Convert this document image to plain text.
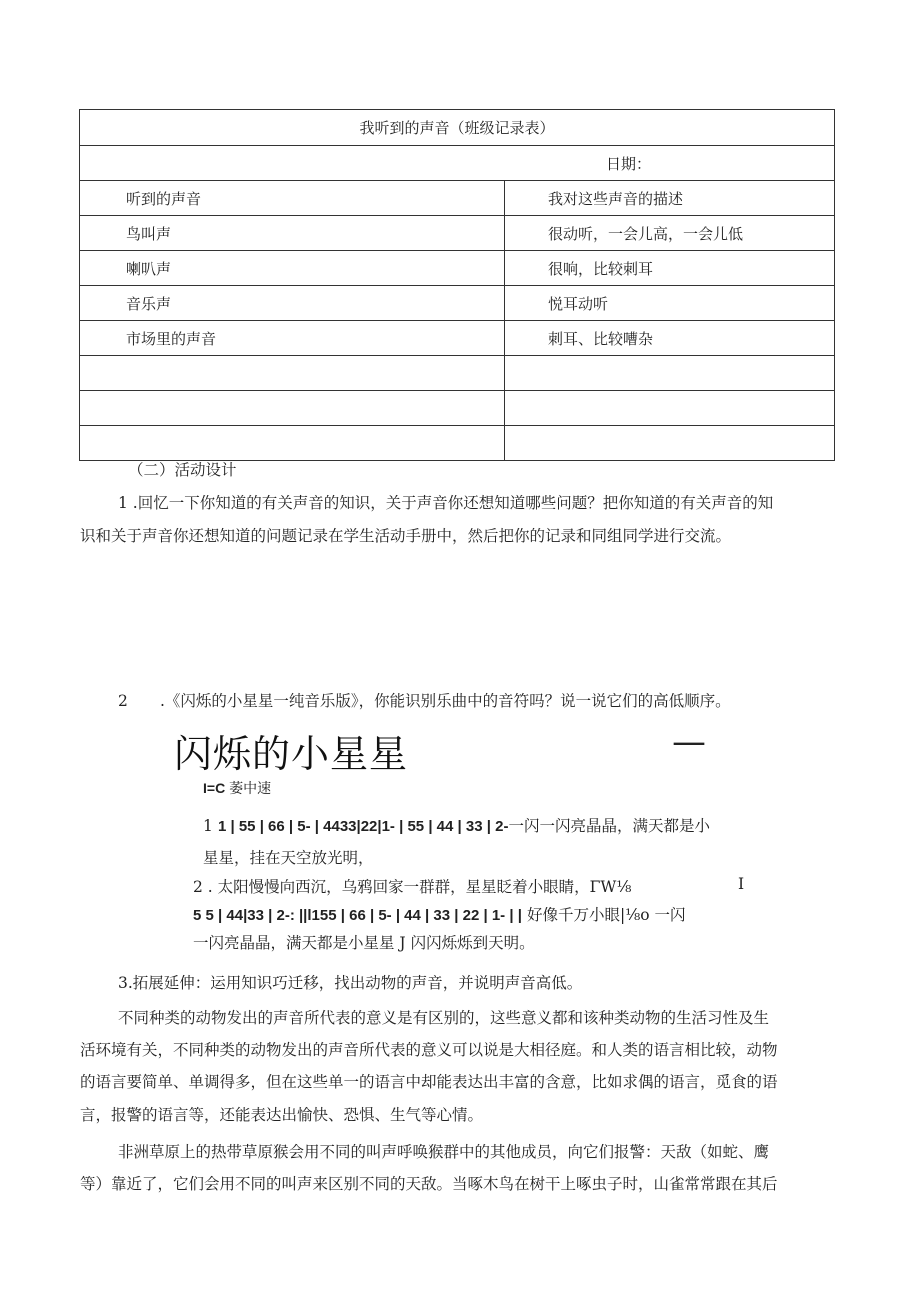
我听到的声音（班级记录表）	
日期：	
听到的声音	我对这些声音的描述
鸟叫声	很动听，一会儿高，一会儿低
喇叭声	很响，比较刺耳
音乐声	悦耳动听
市场里的声音	刺耳、比较嘈杂

（二）活动设计
1 .回忆一下你知道的有关声音的知识，关于声音你还想知道哪些问题？把你知道的有关声音的知
识和关于声音你还想知道的问题记录在学生活动手册中，然后把你的记录和同组同学进行交流。
2 .《闪烁的小星星一纯音乐版》，你能识别乐曲中的音符吗？说一说它们的高低顺序。
闪烁的小星星	—
I=C 萎中速
1 1 | 55 | 66 | 5- | 4433|22|1- | 55 | 44 | 33 | 2-一闪一闪亮晶晶，满天都是小
星星，挂在天空放光明，
2 . 太阳慢慢向西沉，乌鸦回家一群群，星星眨着小眼睛，ΓW⅛	I
5 5 | 44|33 | 2-: ||l155 | 66 | 5- | 44 | 33 | 22 | 1- | | 好像千万小眼|⅛o 一闪
一闪亮晶晶，满天都是小星星 J 闪闪烁烁到天明。
3.拓展延伸：运用知识巧迁移，找出动物的声音，并说明声音高低。
不同种类的动物发出的声音所代表的意义是有区别的，这些意义都和该种类动物的生活习性及生
活环境有关，不同种类的动物发出的声音所代表的意义可以说是大相径庭。和人类的语言相比较，动物
的语言要简单、单调得多，但在这些单一的语言中却能表达出丰富的含意，比如求偶的语言，觅食的语
言，报警的语言等，还能表达出愉快、恐惧、生气等心情。
非洲草原上的热带草原猴会用不同的叫声呼唤猴群中的其他成员，向它们报警：天敌（如蛇、鹰
等）靠近了，它们会用不同的叫声来区别不同的天敌。当啄木鸟在树干上啄虫子时，山雀常常跟在其后
